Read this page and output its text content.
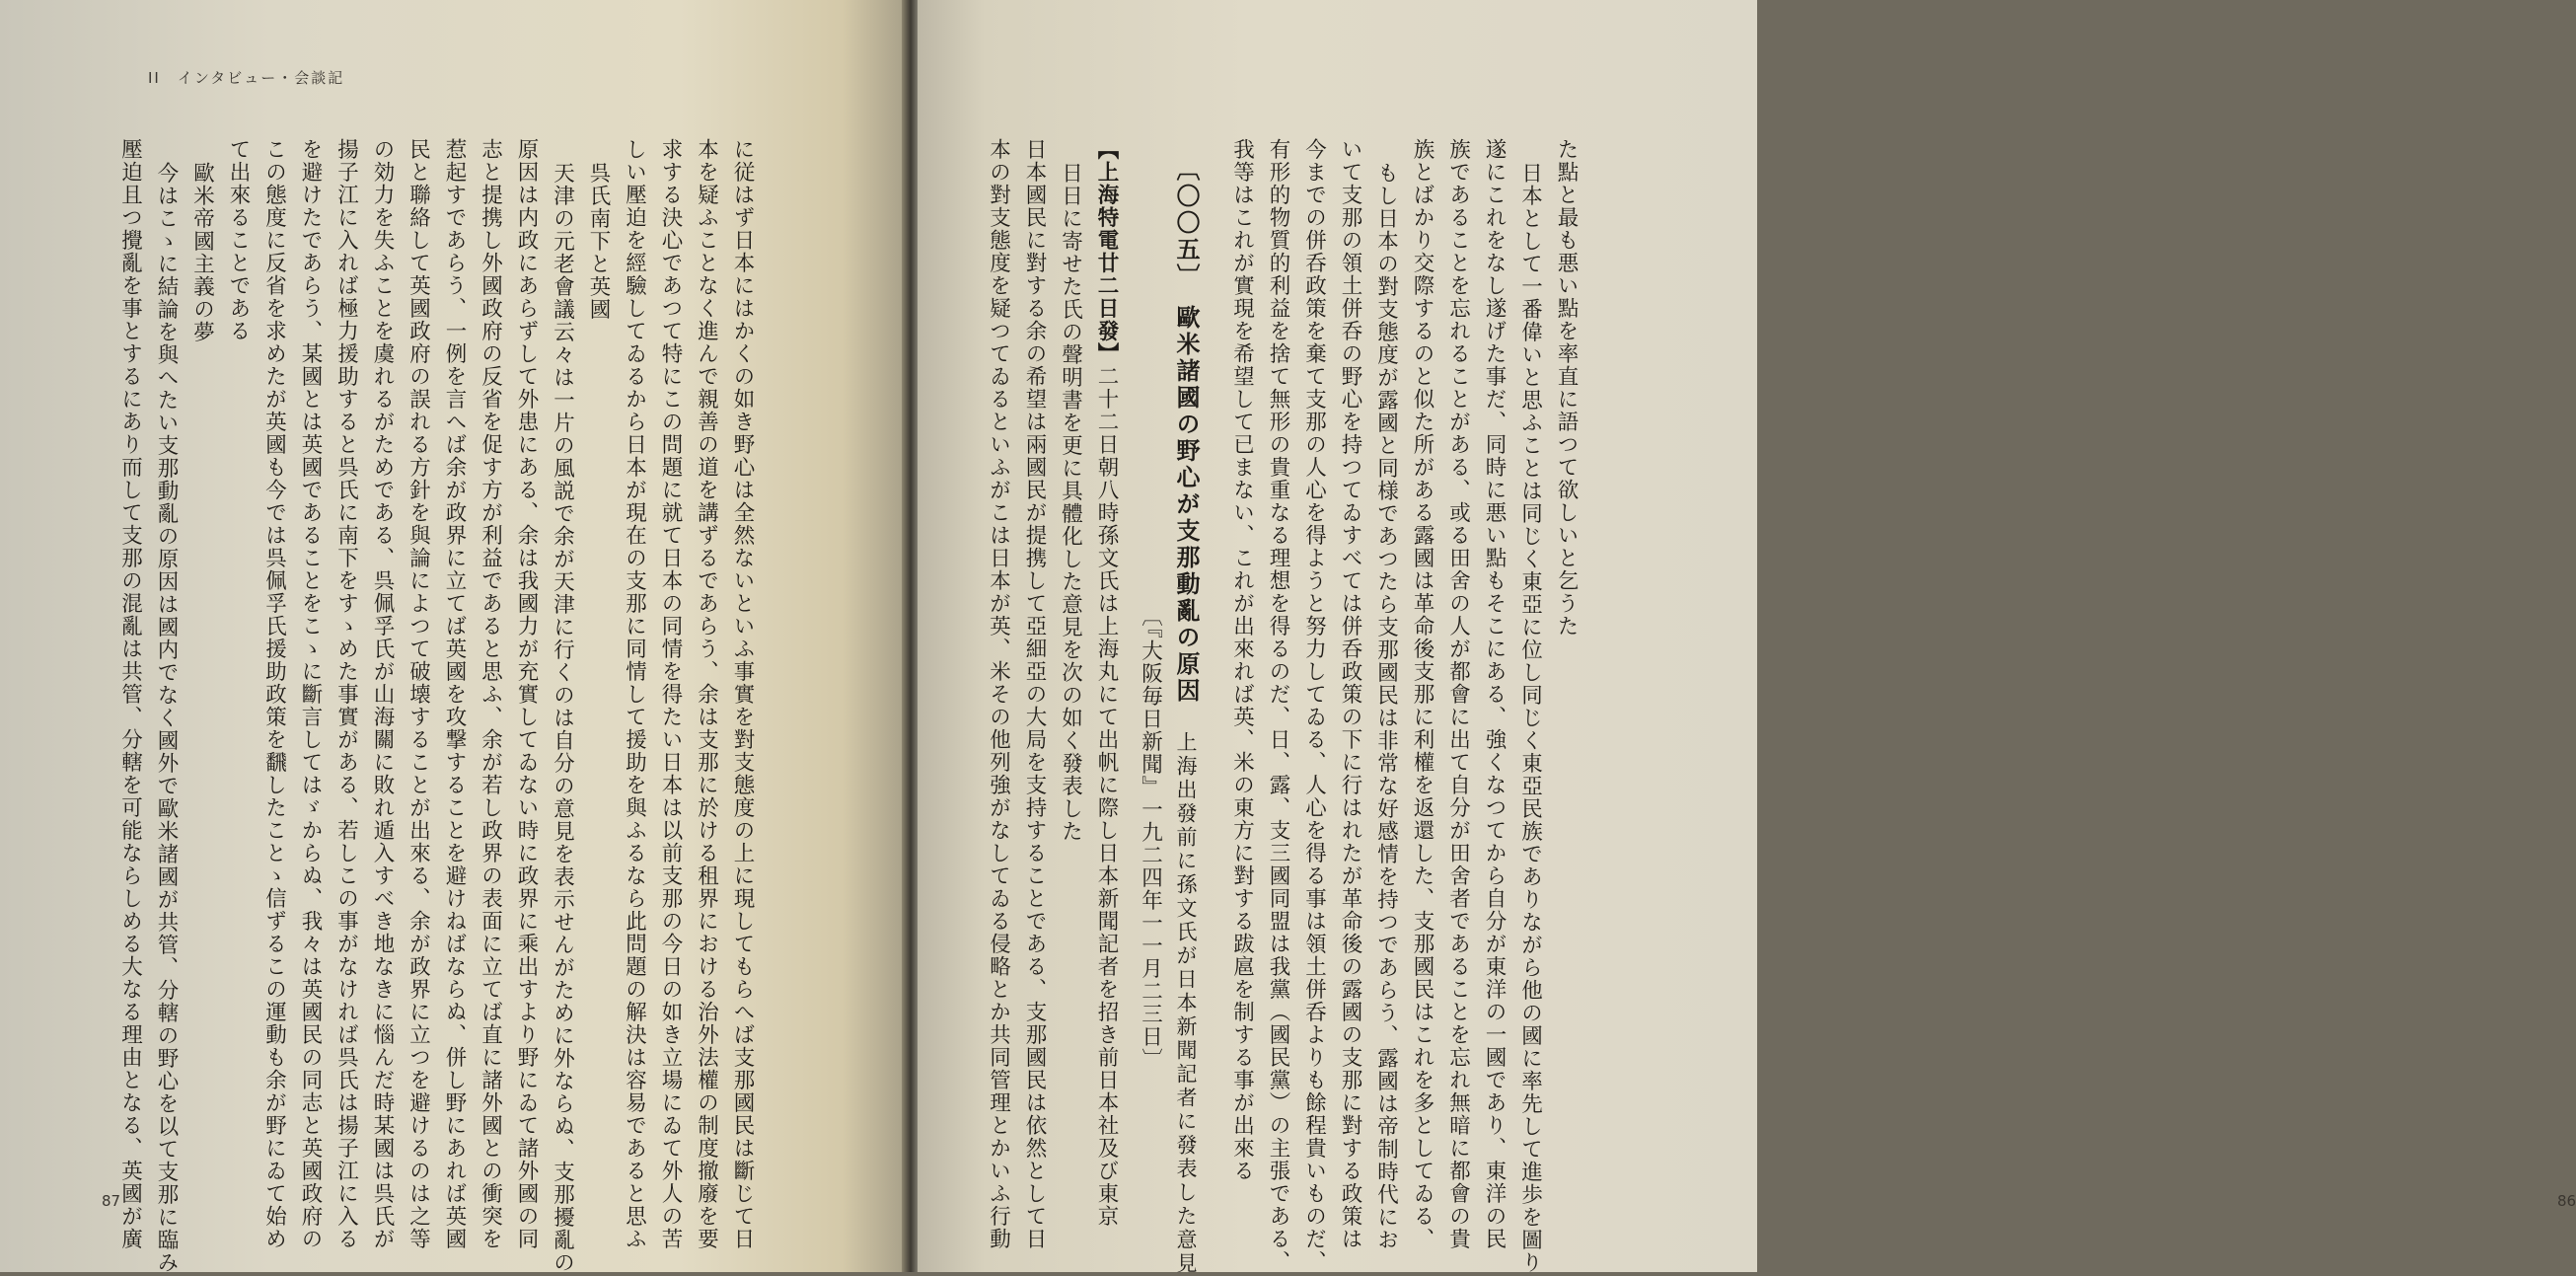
II　インタビュー・会談記
に従はず日本にはかくの如き野心は全然ないといふ事實を對支態度の上に現してもらへば支那國民は斷じて日
本を疑ふことなく進んで親善の道を講ずるであらう、余は支那に於ける租界における治外法權の制度撤廢を要
求する決心であつて特にこの問題に就て日本の同情を得たい日本は以前支那の今日の如き立場にゐて外人の苦
しい壓迫を經驗してゐるから日本が現在の支那に同情して援助を與ふるなら此問題の解決は容易であると思ふ
呉氏南下と英國
天津の元老會議云々は一片の風説で余が天津に行くのは自分の意見を表示せんがために外ならぬ、支那擾亂の
原因は内政にあらずして外患にある、余は我國力が充實してゐない時に政界に乘出すより野にゐて諸外國の同
志と提携し外國政府の反省を促す方が利益であると思ふ、余が若し政界の表面に立てば直に諸外國との衝突を
惹起すであらう、一例を言へば余が政界に立てば英國を攻撃することを避けねばならぬ、併し野にあれば英國
民と聯絡して英國政府の誤れる方針を與論によつて破壊することが出來る、余が政界に立つを避けるのは之等
の効力を失ふことを虞れるがためである、呉佩孚氏が山海關に敗れ遁入すべき地なきに惱んだ時某國は呉氏が
揚子江に入れば極力援助すると呉氏に南下をすゝめた事實がある、若しこの事がなければ呉氏は揚子江に入る
を避けたであらう、某國とは英國であることをこゝに斷言してはゞからぬ、我々は英國民の同志と英國政府の
この態度に反省を求めたが英國も今では呉佩孚氏援助政策を飜したことゝ信ずるこの運動も余が野にゐて始め
て出來ることである
歐米帝國主義の夢
今はこゝに結論を與へたい支那動亂の原因は國内でなく國外で歐米諸國が共管、分轄の野心を以て支那に臨み
壓迫且つ攪亂を事とするにあり而して支那の混亂は共管、分轄を可能ならしめる大なる理由となる、英國が廣
87
た點と最も悪い點を率直に語つて欲しいと乞うた
日本として一番偉いと思ふことは同じく東亞に位し同じく東亞民族でありながら他の國に率先して進歩を圖り
遂にこれをなし遂げた事だ、同時に悪い點もそこにある、強くなつてから自分が東洋の一國であり、東洋の民
族であることを忘れることがある、或る田舍の人が都會に出て自分が田舍者であることを忘れ無暗に都會の貴
族とばかり交際するのと似た所がある露國は革命後支那に利權を返還した、支那國民はこれを多としてゐる、
もし日本の對支態度が露國と同様であつたら支那國民は非常な好感情を持つであらう、露國は帝制時代にお
いて支那の領土併呑の野心を持つてゐすべては併呑政策の下に行はれたが革命後の露國の支那に對する政策は
今までの併呑政策を棄て支那の人心を得ようと努力してゐる、人心を得る事は領土併呑よりも餘程貴いものだ、
有形的物質的利益を捨て無形の貴重なる理想を得るのだ、日、露、支三國同盟は我黨（國民黨）の主張である、
我等はこれが實現を希望して已まない、これが出來れば英、米の東方に對する跋扈を制する事が出來る
〔〇〇五〕　歐米諸國の野心が支那動亂の原因　上海出發前に孫文氏が日本新聞記者に發表した意見
〔『大阪毎日新聞』一九二四年一一月二三日〕
【上海特電廿二日發】二十二日朝八時孫文氏は上海丸にて出帆に際し日本新聞記者を招き前日本社及び東京
日日に寄せた氏の聲明書を更に具體化した意見を次の如く發表した
日本國民に對する余の希望は兩國民が提携して亞細亞の大局を支持することである、支那國民は依然として日
本の對支態度を疑つてゐるといふがこは日本が英、米その他列強がなしてゐる侵略とか共同管理とかいふ行動	86
